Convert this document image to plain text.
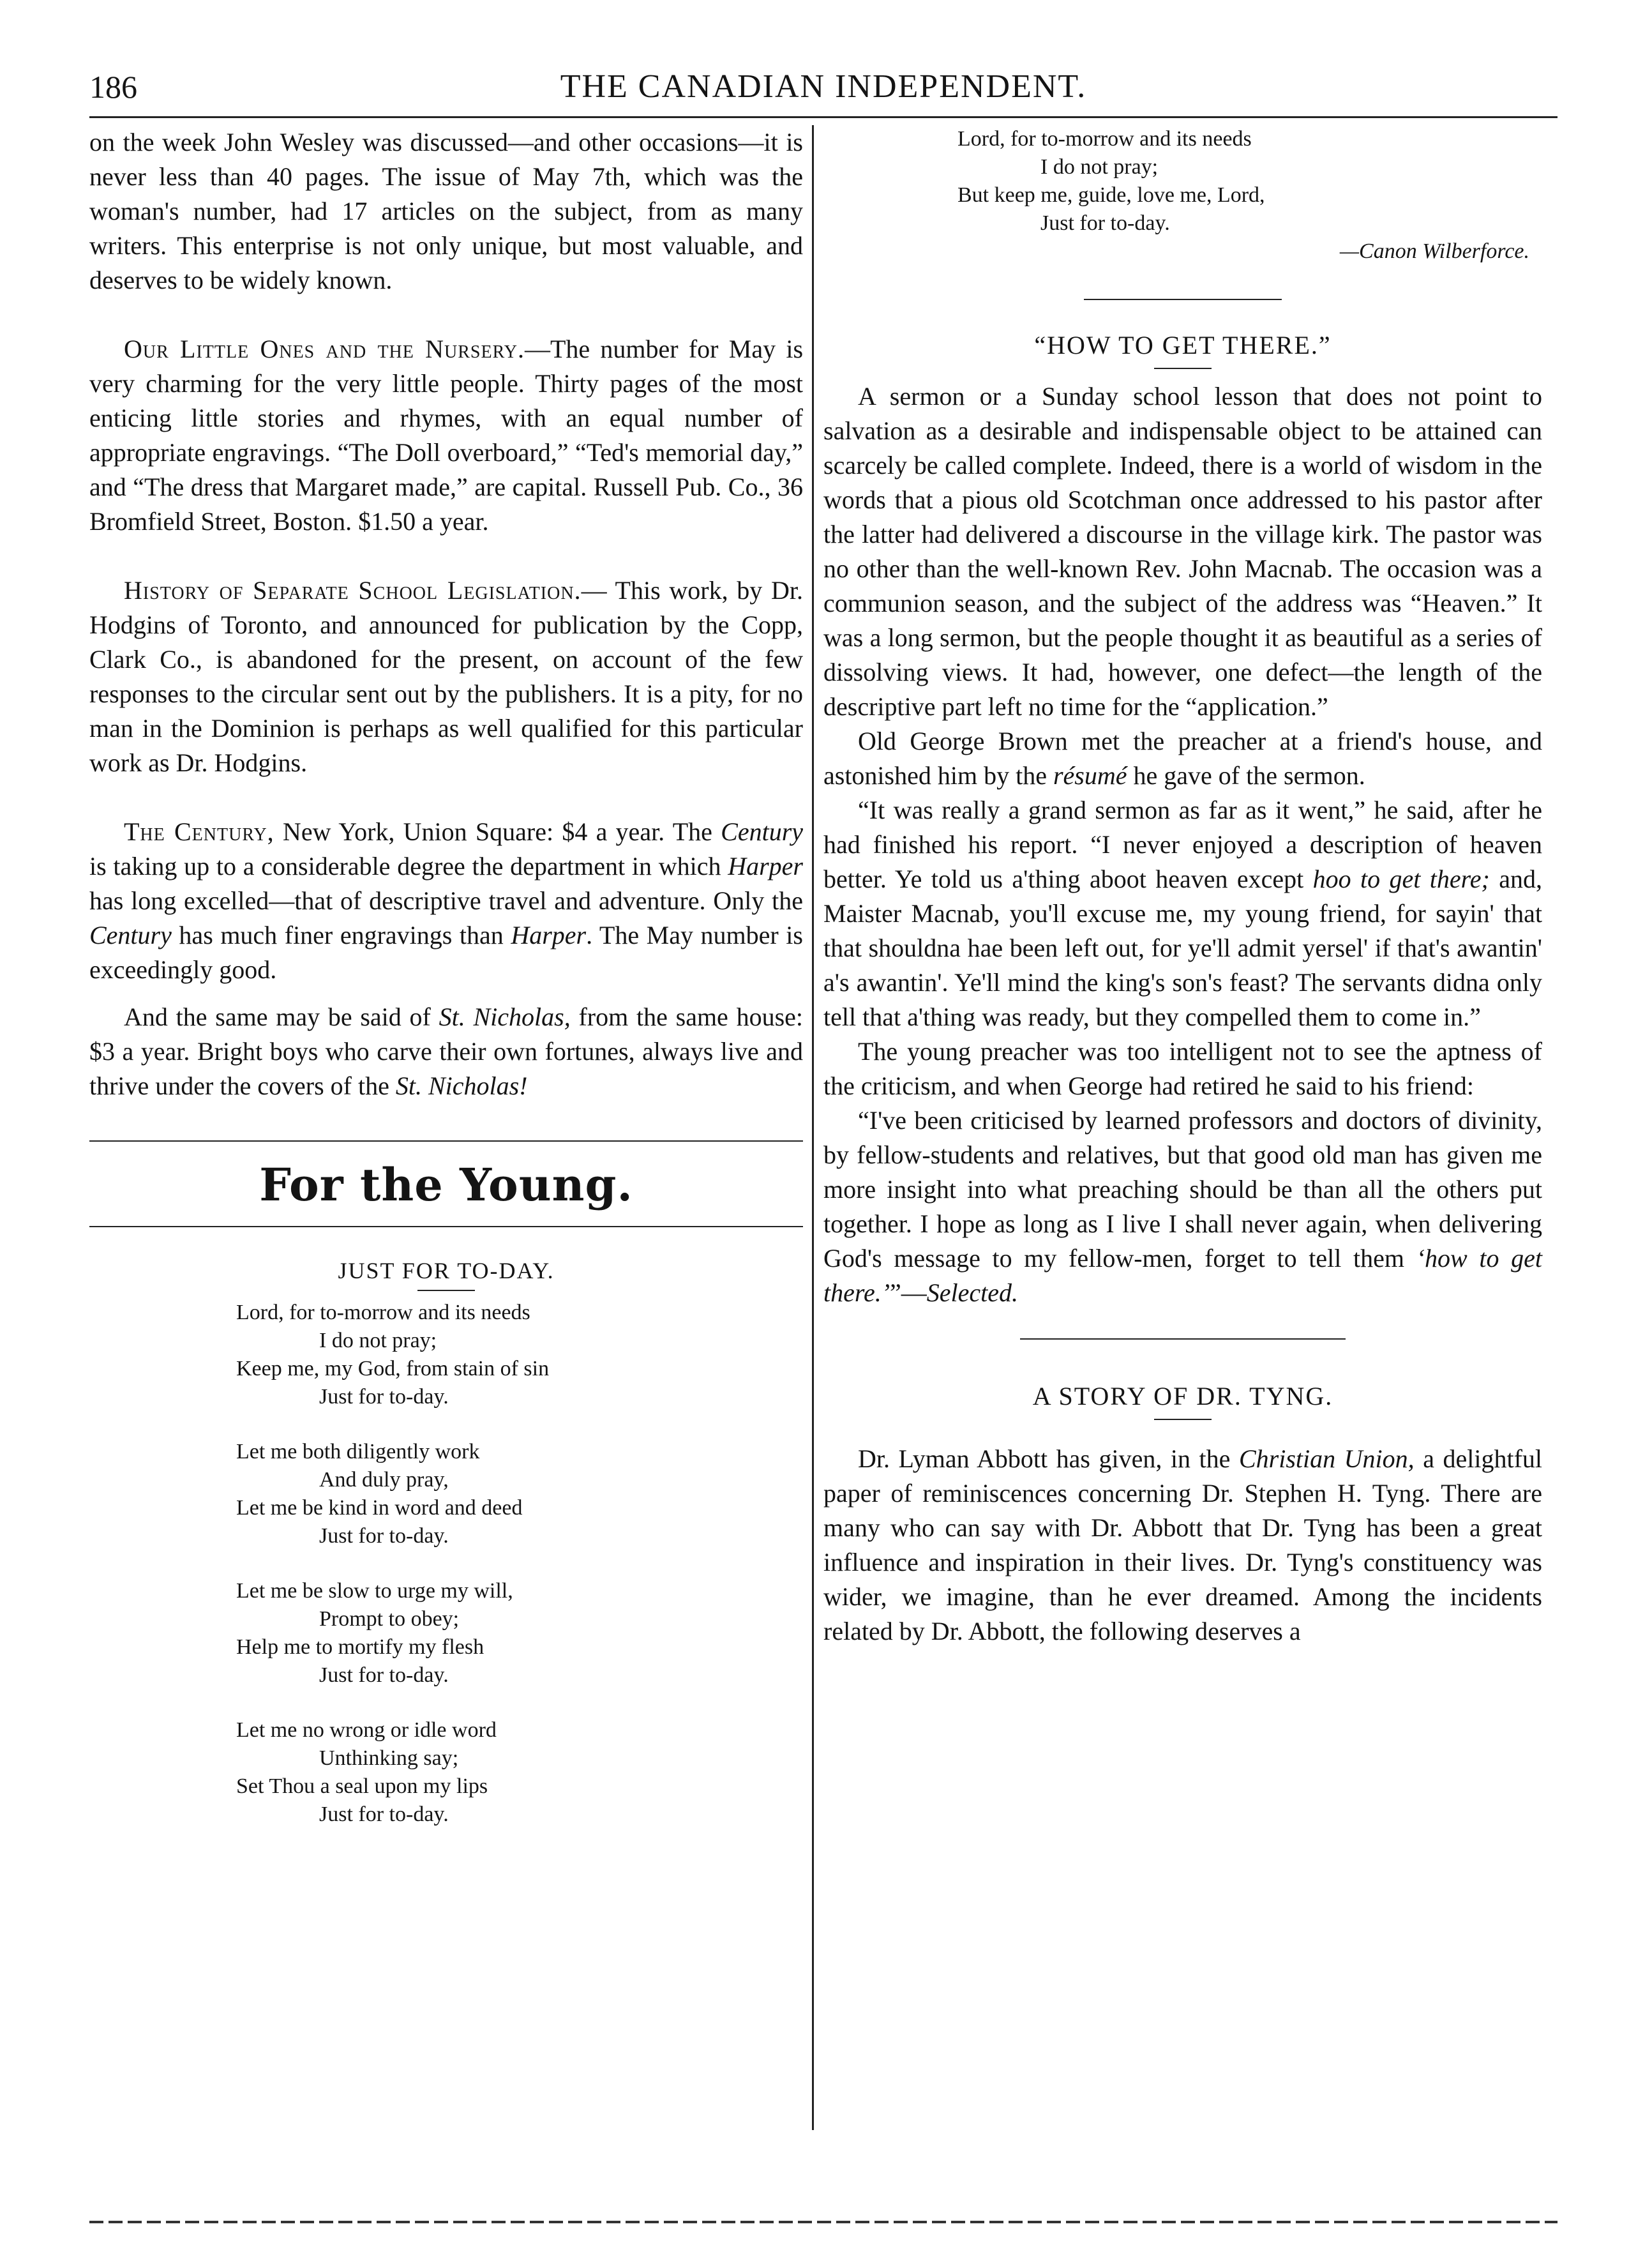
186	THE CANADIAN INDEPENDENT.

on the week John Wesley was discussed—and other occasions—it is never less than 40 pages. The issue of May 7th, which was the woman's number, had 17 articles on the subject, from as many writers. This enterprise is not only unique, but most valuable, and deserves to be widely known.

Our Little Ones and the Nursery.—The number for May is very charming for the very little people. Thirty pages of the most enticing little stories and rhymes, with an equal number of appropriate engravings. “The Doll overboard,” “Ted's memorial day,” and “The dress that Margaret made,” are capital. Russell Pub. Co., 36 Bromfield Street, Boston. $1.50 a year.

History of Separate School Legislation.— This work, by Dr. Hodgins of Toronto, and announced for publication by the Copp, Clark Co., is abandoned for the present, on account of the few responses to the circular sent out by the publishers. It is a pity, for no man in the Dominion is perhaps as well qualified for this particular work as Dr. Hodgins.

The Century, New York, Union Square: $4 a year. The Century is taking up to a considerable degree the department in which Harper has long excelled—that of descriptive travel and adventure. Only the Century has much finer engravings than Harper. The May number is exceedingly good.

And the same may be said of St. Nicholas, from the same house: $3 a year. Bright boys who carve their own fortunes, always live and thrive under the covers of the St. Nicholas!

For the Young.
JUST FOR TO-DAY.
Lord, for to-morrow and its needs
I do not pray;
Keep me, my God, from stain of sin
Just for to-day.
Let me both diligently work
And duly pray,
Let me be kind in word and deed
Just for to-day.
Let me be slow to urge my will,
Prompt to obey;
Help me to mortify my flesh
Just for to-day.
Let me no wrong or idle word
Unthinking say;
Set Thou a seal upon my lips
Just for to-day.
Lord, for to-morrow and its needs
I do not pray;
But keep me, guide, love me, Lord,
Just for to-day.
—Canon Wilberforce.
“HOW TO GET THERE.”

A sermon or a Sunday school lesson that does not point to salvation as a desirable and indispensable object to be attained can scarcely be called complete. Indeed, there is a world of wisdom in the words that a pious old Scotchman once addressed to his pastor after the latter had delivered a discourse in the village kirk. The pastor was no other than the well-known Rev. John Macnab. The occasion was a communion season, and the subject of the address was “Heaven.” It was a long sermon, but the people thought it as beautiful as a series of dissolving views. It had, however, one defect—the length of the descriptive part left no time for the “application.”

Old George Brown met the preacher at a friend's house, and astonished him by the résumé he gave of the sermon.

“It was really a grand sermon as far as it went,” he said, after he had finished his report. “I never enjoyed a description of heaven better. Ye told us a'thing aboot heaven except hoo to get there; and, Maister Macnab, you'll excuse me, my young friend, for sayin' that that shouldna hae been left out, for ye'll admit yersel' if that's awantin' a's awantin'. Ye'll mind the king's son's feast? The servants didna only tell that a'thing was ready, but they compelled them to come in.”

The young preacher was too intelligent not to see the aptness of the criticism, and when George had retired he said to his friend:

“I've been criticised by learned professors and doctors of divinity, by fellow-students and relatives, but that good old man has given me more insight into what preaching should be than all the others put together. I hope as long as I live I shall never again, when delivering God's message to my fellow-men, forget to tell them ‘how to get there.’”—Selected.

A STORY OF DR. TYNG.

Dr. Lyman Abbott has given, in the Christian Union, a delightful paper of reminiscences concerning Dr. Stephen H. Tyng. There are many who can say with Dr. Abbott that Dr. Tyng has been a great influence and inspiration in their lives. Dr. Tyng's constituency was wider, we imagine, than he ever dreamed. Among the incidents related by Dr. Abbott, the following deserves a
